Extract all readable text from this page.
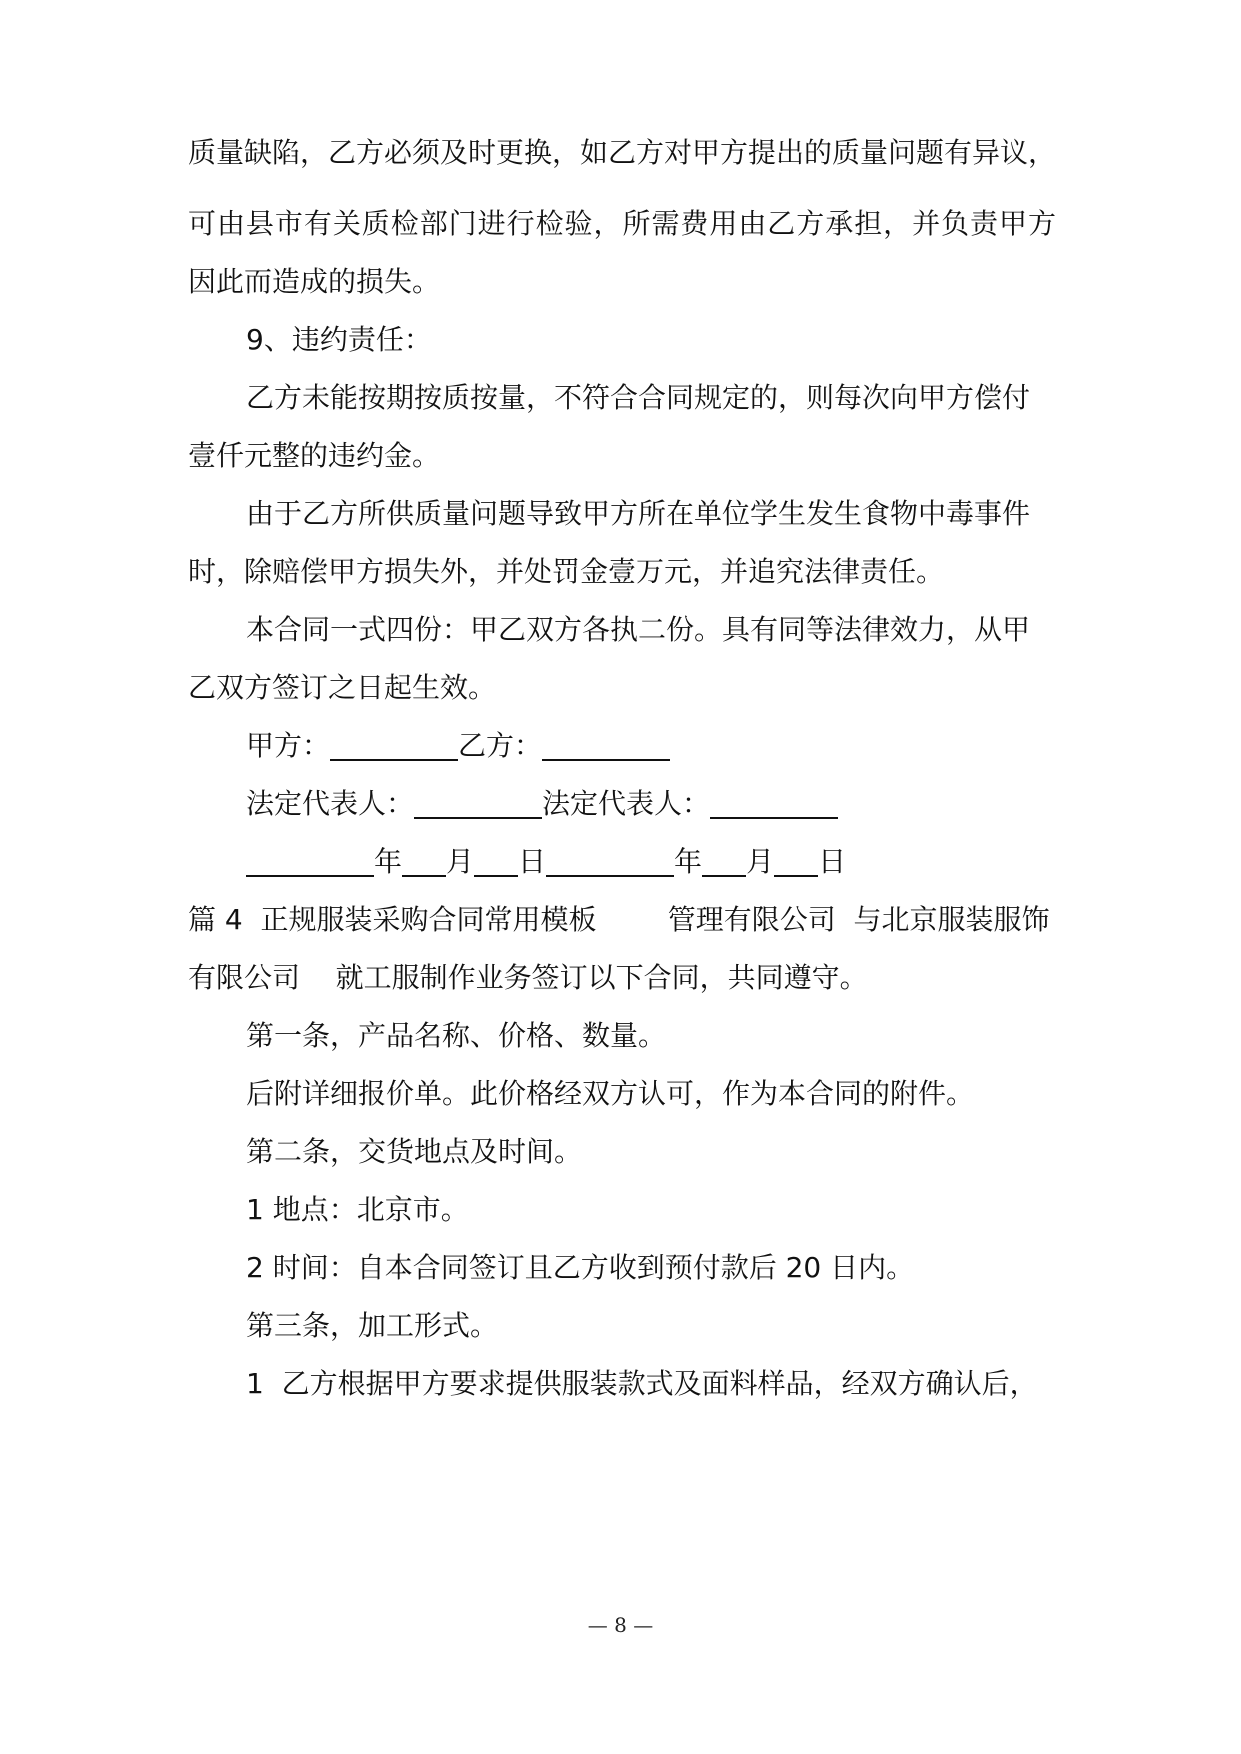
质量缺陷，乙方必须及时更换，如乙方对甲方提出的质量问题有异议，
可由县市有关质检部门进行检验，所需费用由乙方承担，并负责甲方
因此而造成的损失。
9、违约责任：
乙方未能按期按质按量，不符合合同规定的，则每次向甲方偿付
壹仟元整的违约金。
由于乙方所供质量问题导致甲方所在单位学生发生食物中毒事件
时，除赔偿甲方损失外，并处罚金壹万元，并追究法律责任。
本合同一式四份：甲乙双方各执二份。具有同等法律效力，从甲
乙双方签订之日起生效。
甲方：	乙方：
法定代表人：	法定代表人：
年 月 日	年 月 日
篇 4  正规服装采购合同常用模板        管理有限公司  与北京服装服饰
有限公司    就工服制作业务签订以下合同，共同遵守。
第一条，产品名称、价格、数量。
后附详细报价单。此价格经双方认可，作为本合同的附件。
第二条，交货地点及时间。
1 地点：北京市。
2 时间：自本合同签订且乙方收到预付款后 20 日内。
第三条，加工形式。
1  乙方根据甲方要求提供服装款式及面料样品，经双方确认后，
— 8 —
